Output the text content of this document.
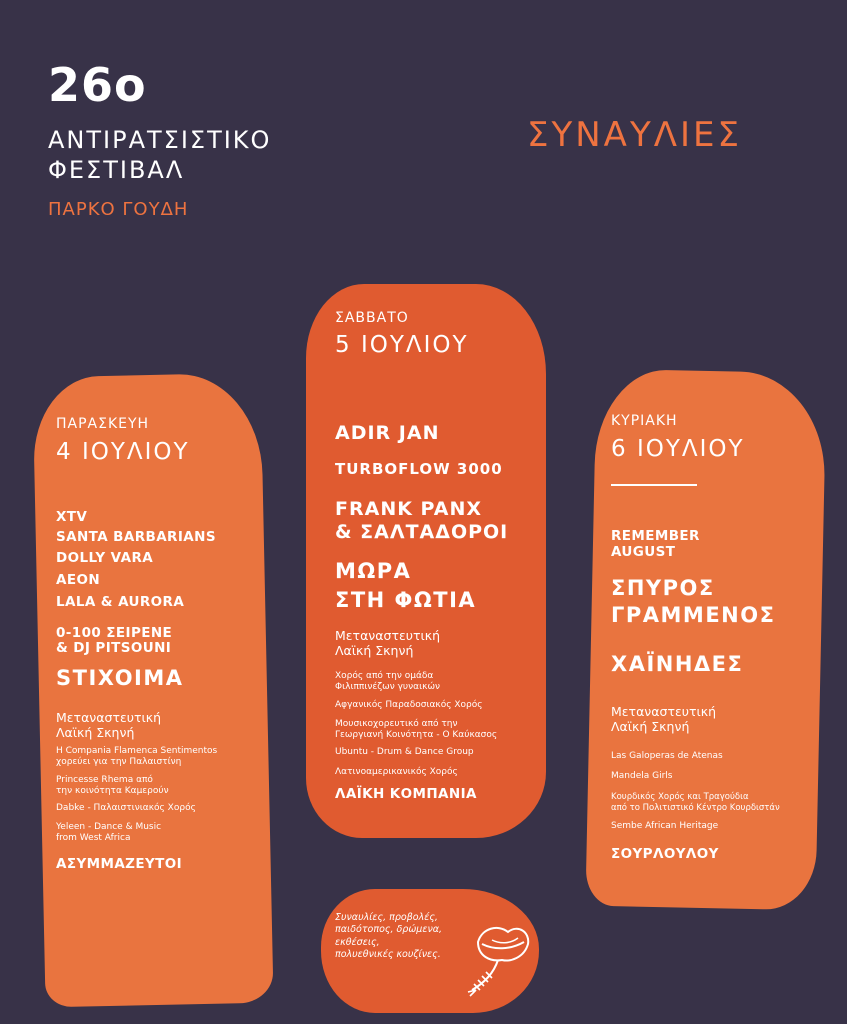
26ο
ΑΝΤΙΡΑΤΣΙΣΤΙΚΟ
ΦΕΣΤΙΒΑΛ
ΠΑΡΚΟ ΓΟΥΔΗ
ΣΥΝΑΥΛΙΕΣ
ΠΑΡΑΣΚΕΥΗ
4 ΙΟΥΛΙΟΥ
XTV
SANTA BARBARIANS
DOLLY VARA
AEON
LALA & AURORA
0-100 ΣΕΙΡΕΝΕ
& DJ PITSOUNI
STIXOIMA
Μεταναστευτική
Λαϊκή Σκηνή
H Compania Flamenca Sentimentos
χορεύει για την Παλαιστίνη
Princesse Rhema από
την κοινότητα Καμερούν
Dabke - Παλαιστινιακός Χορός
Yeleen - Dance & Music
from West Africa
ΑΣΥΜΜΑΖΕΥΤΟΙ
ΣΑΒΒΑΤΟ
5 ΙΟΥΛΙΟΥ
ADIR JAN
TURBOFLOW 3000
FRANK PANX
& ΣΑΛΤΑΔΟΡΟΙ
ΜΩΡΑ
ΣΤΗ ΦΩΤΙΑ
Μεταναστευτική
Λαϊκή Σκηνή
Χορός από την ομάδα
Φιλιππινέζων γυναικών
Αφγανικός Παραδοσιακός Χορός
Μουσικοχορευτικό από την
Γεωργιανή Κοινότητα - Ο Καύκασος
Ubuntu - Drum & Dance Group
Λατινοαμερικανικός Χορός
ΛΑΪΚΗ ΚΟΜΠΑΝΙΑ
ΚΥΡΙΑΚΗ
6 ΙΟΥΛΙΟΥ
REMEMBER
AUGUST
ΣΠΥΡΟΣ
ΓΡΑΜΜΕΝΟΣ
ΧΑΪΝΗΔΕΣ
Μεταναστευτική
Λαϊκή Σκηνή
Las Galoperas de Atenas
Mandela Girls
Κουρδικός Χορός και Τραγούδια
από το Πολιτιστικό Κέντρο Κουρδιστάν
Sembe African Heritage
ΣΟΥΡΛΟΥΛΟΥ
Συναυλίες, προβολές,
παιδότοπος, δρώμενα,
εκθέσεις,
πολυεθνικές κουζίνες.
